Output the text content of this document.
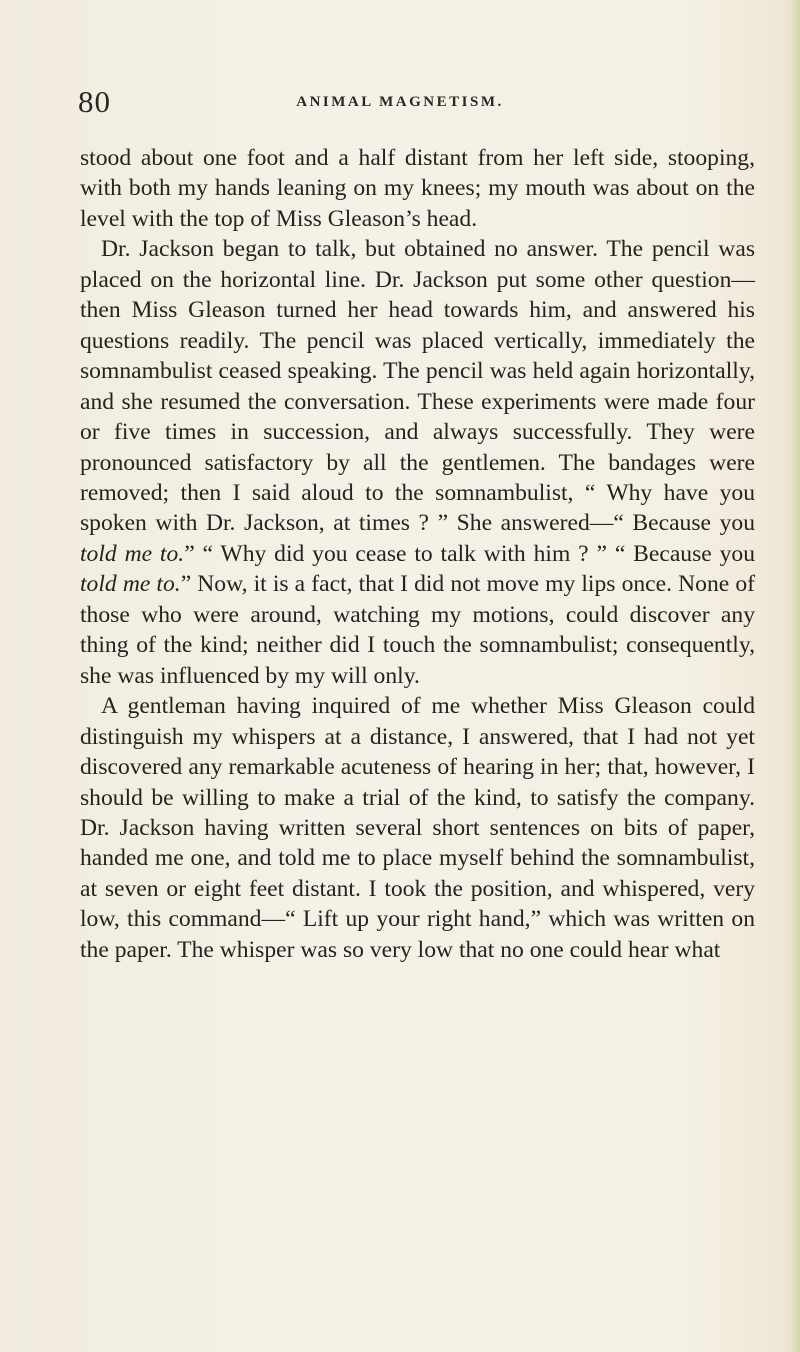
80	ANIMAL MAGNETISM.

stood about one foot and a half distant from her left side, stooping, with both my hands leaning on my knees; my mouth was about on the level with the top of Miss Gleason’s head.

Dr. Jackson began to talk, but obtained no answer. The pencil was placed on the horizontal line. Dr. Jackson put some other question—then Miss Gleason turned her head towards him, and answered his questions readily. The pencil was placed vertically, immediately the somnambulist ceased speaking. The pencil was held again horizontally, and she resumed the conversation. These experiments were made four or five times in succession, and always successfully. They were pronounced satisfactory by all the gentlemen. The bandages were removed; then I said aloud to the somnambulist, “ Why have you spoken with Dr. Jackson, at times ? ” She answered—“ Because you told me to.” “ Why did you cease to talk with him ? ” “ Because you told me to.” Now, it is a fact, that I did not move my lips once. None of those who were around, watching my motions, could discover any thing of the kind; neither did I touch the somnambulist; consequently, she was influenced by my will only.

A gentleman having inquired of me whether Miss Gleason could distinguish my whispers at a distance, I answered, that I had not yet discovered any remarkable acuteness of hearing in her; that, however, I should be willing to make a trial of the kind, to satisfy the company. Dr. Jackson having written several short sentences on bits of paper, handed me one, and told me to place myself behind the somnambulist, at seven or eight feet distant. I took the position, and whispered, very low, this command—“ Lift up your right hand,” which was written on the paper. The whisper was so very low that no one could hear what
